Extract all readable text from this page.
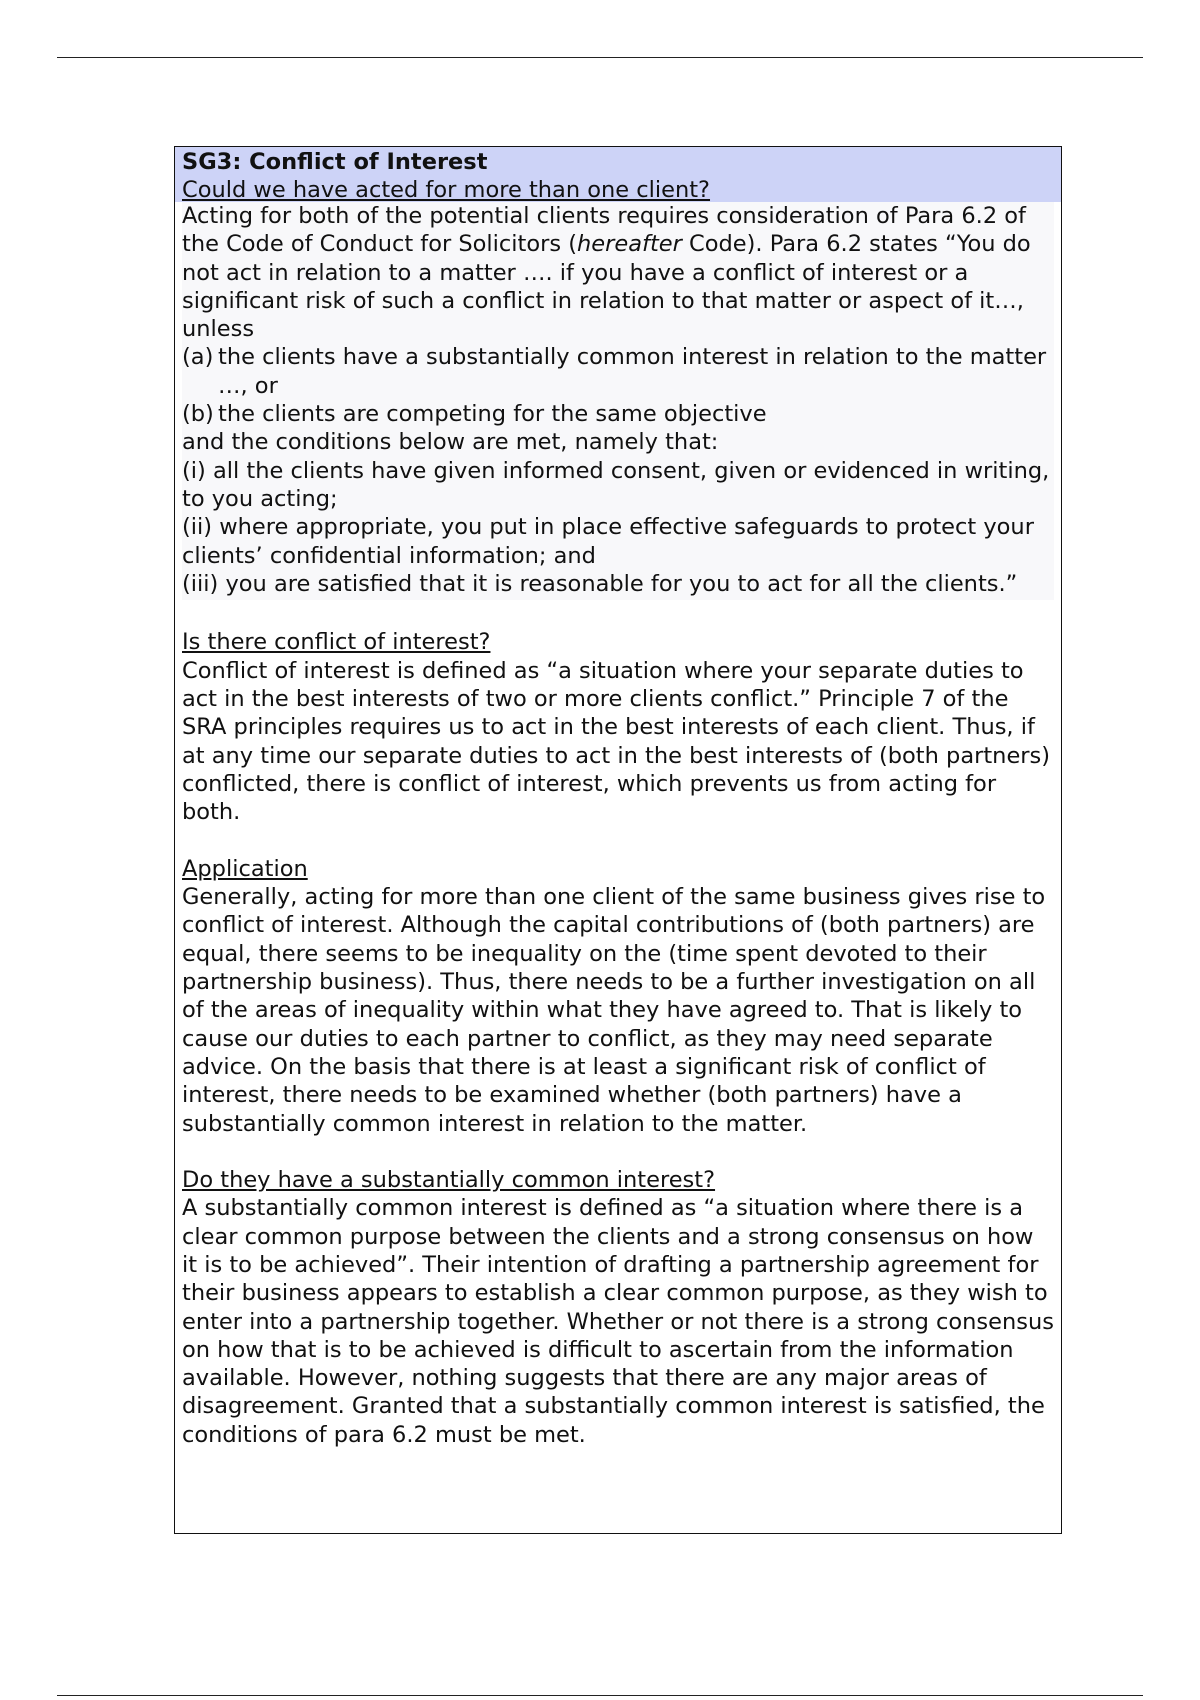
SG3: Conflict of Interest
Could we have acted for more than one client?
Acting for both of the potential clients requires consideration of Para 6.2 of the Code of Conduct for Solicitors (hereafter Code). Para 6.2 states “You do not act in relation to a matter …. if you have a conflict of interest or a significant risk of such a conflict in relation to that matter or aspect of it…, unless
(a) the clients have a substantially common interest in relation to the matter …, or
(b) the clients are competing for the same objective
and the conditions below are met, namely that:
(i) all the clients have given informed consent, given or evidenced in writing, to you acting;
(ii) where appropriate, you put in place effective safeguards to protect your clients’ confidential information; and
(iii) you are satisfied that it is reasonable for you to act for all the clients.”
Is there conflict of interest?
Conflict of interest is defined as “a situation where your separate duties to act in the best interests of two or more clients conflict.” Principle 7 of the SRA principles requires us to act in the best interests of each client. Thus, if at any time our separate duties to act in the best interests of (both partners) conflicted, there is conflict of interest, which prevents us from acting for both.
Application
Generally, acting for more than one client of the same business gives rise to conflict of interest. Although the capital contributions of (both partners) are equal, there seems to be inequality on the (time spent devoted to their partnership business). Thus, there needs to be a further investigation on all of the areas of inequality within what they have agreed to. That is likely to cause our duties to each partner to conflict, as they may need separate advice. On the basis that there is at least a significant risk of conflict of interest, there needs to be examined whether (both partners) have a substantially common interest in relation to the matter.
Do they have a substantially common interest?
A substantially common interest is defined as “a situation where there is a clear common purpose between the clients and a strong consensus on how it is to be achieved”. Their intention of drafting a partnership agreement for their business appears to establish a clear common purpose, as they wish to enter into a partnership together. Whether or not there is a strong consensus on how that is to be achieved is difficult to ascertain from the information available. However, nothing suggests that there are any major areas of disagreement. Granted that a substantially common interest is satisfied, the conditions of para 6.2 must be met.
